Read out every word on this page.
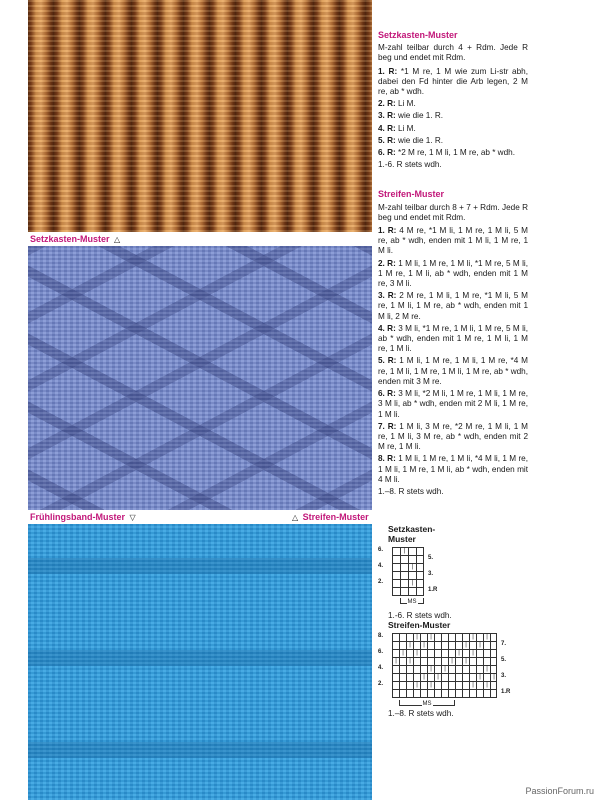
Setzkasten-Muster △
Frühlingsband-Muster ▽	△ Streifen-Muster
Setzkasten-Muster
M-zahl teilbar durch 4 + Rdm. Jede R beg und endet mit Rdm.
1. R: *1 M re, 1 M wie zum Li-str abh, dabei den Fd hinter die Arb legen, 2 M re, ab * wdh.
2. R: Li M.
3. R: wie die 1. R.
4. R: Li M.
5. R: wie die 1. R.
6. R: *2 M re, 1 M li, 1 M re, ab * wdh.
1.-6. R stets wdh.
Streifen-Muster
M-zahl teilbar durch 8 + 7 + Rdm. Jede R beg und endet mit Rdm.
1. R: 4 M re, *1 M li, 1 M re, 1 M li, 5 M re, ab * wdh, enden mit 1 M li, 1 M re, 1 M li.
2. R: 1 M li, 1 M re, 1 M li, *1 M re, 5 M li, 1 M re, 1 M li, ab * wdh, enden mit 1 M re, 3 M li.
3. R: 2 M re, 1 M li, 1 M re, *1 M li, 5 M re, 1 M li, 1 M re, ab * wdh, enden mit 1 M li, 2 M re.
4. R: 3 M li, *1 M re, 1 M li, 1 M re, 5 M li, ab * wdh, enden mit 1 M re, 1 M li, 1 M re, 1 M li.
5. R: 1 M li, 1 M re, 1 M li, 1 M re, *4 M re, 1 M li, 1 M re, 1 M li, 1 M re, ab * wdh, enden mit 3 M re.
6. R: 3 M li, *2 M li, 1 M re, 1 M li, 1 M re, 3 M li, ab * wdh, enden mit 2 M li, 1 M re, 1 M li.
7. R: 1 M li, 3 M re, *2 M re, 1 M li, 1 M re, 1 M li, 3 M re, ab * wdh, enden mit 2 M re, 1 M li.
8. R: 1 M li, 1 M re, 1 M li, *4 M li, 1 M re, 1 M li, 1 M re, 1 M li, ab * wdh, enden mit 4 M li.
1.–8. R stets wdh.
Setzkasten-
Muster
|
|
|
6.
4.
2.
5.
3.
1.R
MS
1.-6. R stets wdh.
Streifen-Muster
|	|	|	|
|	|	|	|
|	|	|	|
|	|	|	|
|	|	|
|	|	|	|
|	|	|	|
8.
6.
4.
2.
7.
5.
3.
1.R
MS
1.–8. R stets wdh.
PassionForum.ru
